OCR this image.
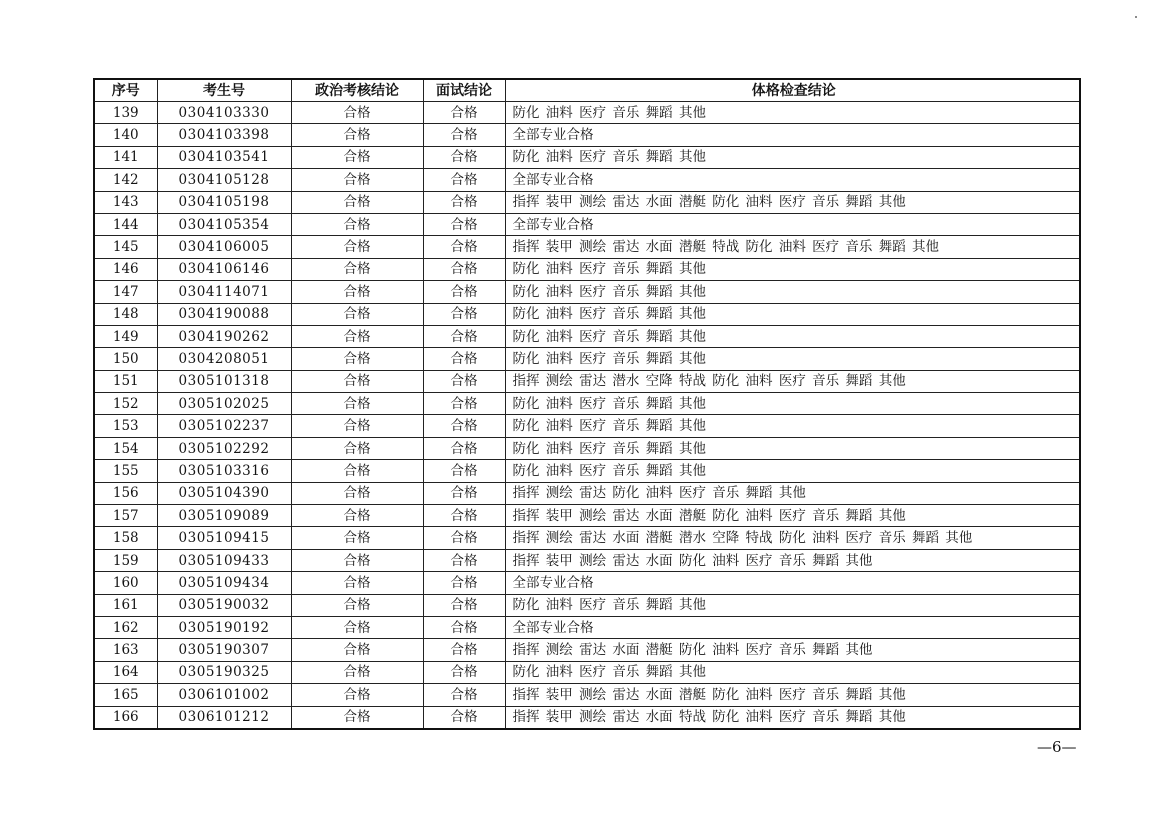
序号	考生号	政治考核结论	面试结论	体格检查结论
139	0304103330	合格	合格	防化 油料 医疗 音乐 舞蹈 其他
140	0304103398	合格	合格	全部专业合格
141	0304103541	合格	合格	防化 油料 医疗 音乐 舞蹈 其他
142	0304105128	合格	合格	全部专业合格
143	0304105198	合格	合格	指挥 装甲 测绘 雷达 水面 潜艇 防化 油料 医疗 音乐 舞蹈 其他
144	0304105354	合格	合格	全部专业合格
145	0304106005	合格	合格	指挥 装甲 测绘 雷达 水面 潜艇 特战 防化 油料 医疗 音乐 舞蹈 其他
146	0304106146	合格	合格	防化 油料 医疗 音乐 舞蹈 其他
147	0304114071	合格	合格	防化 油料 医疗 音乐 舞蹈 其他
148	0304190088	合格	合格	防化 油料 医疗 音乐 舞蹈 其他
149	0304190262	合格	合格	防化 油料 医疗 音乐 舞蹈 其他
150	0304208051	合格	合格	防化 油料 医疗 音乐 舞蹈 其他
151	0305101318	合格	合格	指挥 测绘 雷达 潜水 空降 特战 防化 油料 医疗 音乐 舞蹈 其他
152	0305102025	合格	合格	防化 油料 医疗 音乐 舞蹈 其他
153	0305102237	合格	合格	防化 油料 医疗 音乐 舞蹈 其他
154	0305102292	合格	合格	防化 油料 医疗 音乐 舞蹈 其他
155	0305103316	合格	合格	防化 油料 医疗 音乐 舞蹈 其他
156	0305104390	合格	合格	指挥 测绘 雷达 防化 油料 医疗 音乐 舞蹈 其他
157	0305109089	合格	合格	指挥 装甲 测绘 雷达 水面 潜艇 防化 油料 医疗 音乐 舞蹈 其他
158	0305109415	合格	合格	指挥 测绘 雷达 水面 潜艇 潜水 空降 特战 防化 油料 医疗 音乐 舞蹈 其他
159	0305109433	合格	合格	指挥 装甲 测绘 雷达 水面 防化 油料 医疗 音乐 舞蹈 其他
160	0305109434	合格	合格	全部专业合格
161	0305190032	合格	合格	防化 油料 医疗 音乐 舞蹈 其他
162	0305190192	合格	合格	全部专业合格
163	0305190307	合格	合格	指挥 测绘 雷达 水面 潜艇 防化 油料 医疗 音乐 舞蹈 其他
164	0305190325	合格	合格	防化 油料 医疗 音乐 舞蹈 其他
165	0306101002	合格	合格	指挥 装甲 测绘 雷达 水面 潜艇 防化 油料 医疗 音乐 舞蹈 其他
166	0306101212	合格	合格	指挥 装甲 测绘 雷达 水面 特战 防化 油料 医疗 音乐 舞蹈 其他
—6—
